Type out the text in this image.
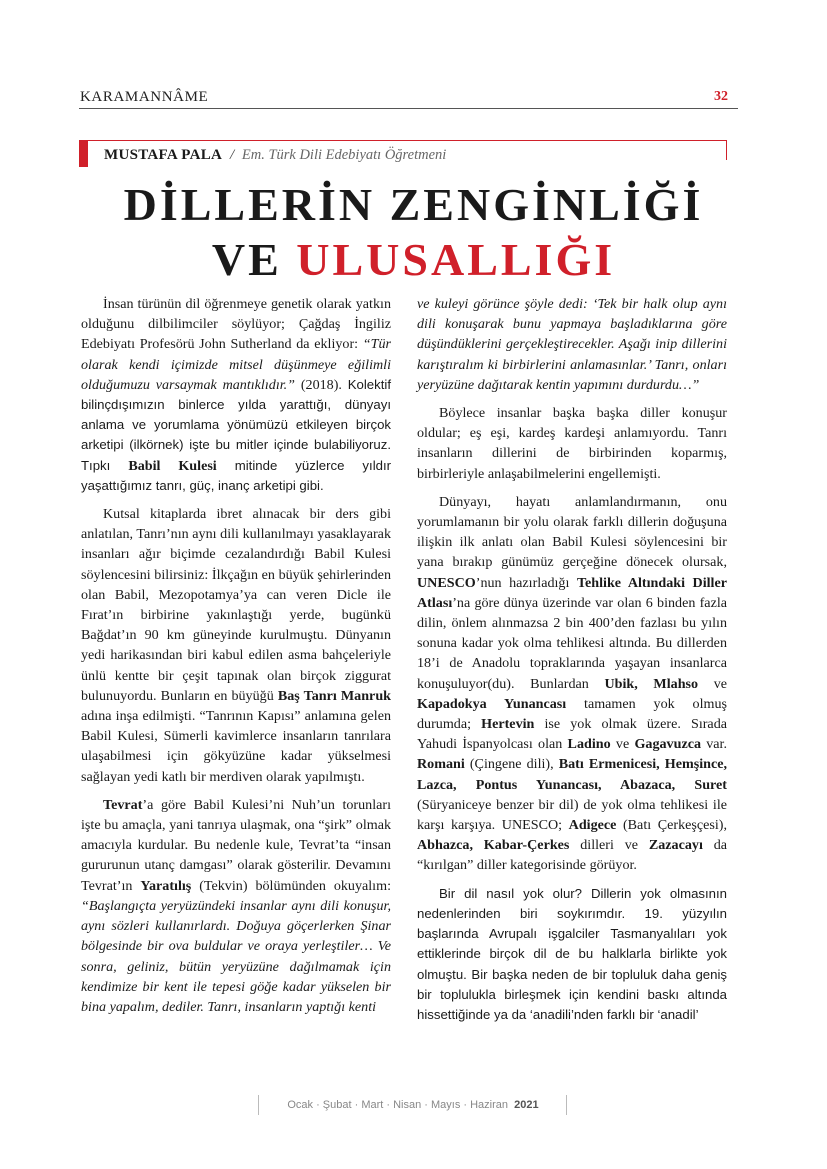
KARAMANNÂME	32
MUSTAFA PALA / Em. Türk Dili Edebiyatı Öğretmeni
DİLLERİN ZENGİNLİĞİ
VE ULUSALLIĞI

İnsan türünün dil öğrenmeye genetik olarak yatkın olduğunu dilbilimciler söylüyor; Çağdaş İngiliz Edebiyatı Profesörü John Sutherland da ekliyor: “Tür olarak kendi içimizde mitsel düşünmeye eğilimli olduğumuzu varsaymak mantıklıdır.” (2018). Kolektif bilinçdışımızın binlerce yılda yarattığı, dünyayı anlama ve yorumlama yönümüzü etkileyen birçok arketipi (ilkörnek) işte bu mitler içinde bulabiliyoruz. Tıpkı Babil Kulesi mitinde yüzlerce yıldır yaşattığımız tanrı, güç, inanç arketipi gibi.

Kutsal kitaplarda ibret alınacak bir ders gibi anlatılan, Tanrı’nın aynı dili kullanılmayı yasaklayarak insanları ağır biçimde cezalandırdığı Babil Kulesi söylencesini bilirsiniz: İlkçağın en büyük şehirlerinden olan Babil, Mezopotamya’ya can veren Dicle ile Fırat’ın birbirine yakınlaştığı yerde, bugünkü Bağdat’ın 90 km güneyinde kurulmuştu. Dünyanın yedi harikasından biri kabul edilen asma bahçeleriyle ünlü kentte bir çeşit tapınak olan birçok ziggurat bulunuyordu. Bunların en büyüğü Baş Tanrı Manruk adına inşa edilmişti. “Tanrının Kapısı” anlamına gelen Babil Kulesi, Sümerli kavimlerce insanların tanrılara ulaşabilmesi için gökyüzüne kadar yükselmesi sağlayan yedi katlı bir merdiven olarak yapılmıştı.

Tevrat’a göre Babil Kulesi’ni Nuh’un torunları işte bu amaçla, yani tanrıya ulaşmak, ona “şirk” olmak amacıyla kurdular. Bu nedenle kule, Tevrat’ta “insan gururunun utanç damgası” olarak gösterilir. Devamını Tevrat’ın Yaratılış (Tekvin) bölümünden okuyalım: “Başlangıçta yeryüzündeki insanlar aynı dili konuşur, aynı sözleri kullanırlardı. Doğuya göçerlerken Şinar bölgesinde bir ova buldular ve oraya yerleştiler… Ve sonra, geliniz, bütün yeryüzüne dağılmamak için kendimize bir kent ile tepesi göğe kadar yükselen bir bina yapalım, dediler. Tanrı, insanların yaptığı kenti

ve kuleyi görünce şöyle dedi: ‘Tek bir halk olup aynı dili konuşarak bunu yapmaya başladıklarına göre düşündüklerini gerçekleştirecekler. Aşağı inip dillerini karıştıralım ki birbirlerini anlamasınlar.’ Tanrı, onları yeryüzüne dağıtarak kentin yapımını durdurdu…”

Böylece insanlar başka başka diller konuşur oldular; eş eşi, kardeş kardeşi anlamıyordu. Tanrı insanların dillerini de birbirinden koparmış, birbirleriyle anlaşabilmelerini engellemişti.

Dünyayı, hayatı anlamlandırmanın, onu yorumlamanın bir yolu olarak farklı dillerin doğuşuna ilişkin ilk anlatı olan Babil Kulesi söylencesini bir yana bırakıp günümüz gerçeğine dönecek olursak, UNESCO’nun hazırladığı Tehlike Altındaki Diller Atlası’na göre dünya üzerinde var olan 6 binden fazla dilin, önlem alınmazsa 2 bin 400’den fazlası bu yılın sonuna kadar yok olma tehlikesi altında. Bu dillerden 18’i de Anadolu topraklarında yaşayan insanlarca konuşuluyor(du). Bunlardan Ubik, Mlahso ve Kapadokya Yunancası tamamen yok olmuş durumda; Hertevin ise yok olmak üzere. Sırada Yahudi İspanyolcası olan Ladino ve Gagavuzca var. Romani (Çingene dili), Batı Ermenicesi, Hemşince, Lazca, Pontus Yunancası, Abazaca, Suret (Süryaniceye benzer bir dil) de yok olma tehlikesi ile karşı karşıya. UNESCO; Adigece (Batı Çerkeşçesi), Abhazca, Kabar-Çerkes dilleri ve Zazacayı da “kırılgan” diller kategorisinde görüyor.

Bir dil nasıl yok olur? Dillerin yok olmasının nedenlerinden biri soykırımdır. 19. yüzyılın başlarında Avrupalı işgalciler Tasmanyalıları yok ettiklerinde birçok dil de bu halklarla birlikte yok olmuştu. Bir başka neden de bir topluluk daha geniş bir toplulukla birleşmek için kendini baskı altında hissettiğinde ya da ‘anadili’nden farklı bir ‘anadil’

Ocak · Şubat · Mart · Nisan · Mayıs · Haziran 2021
